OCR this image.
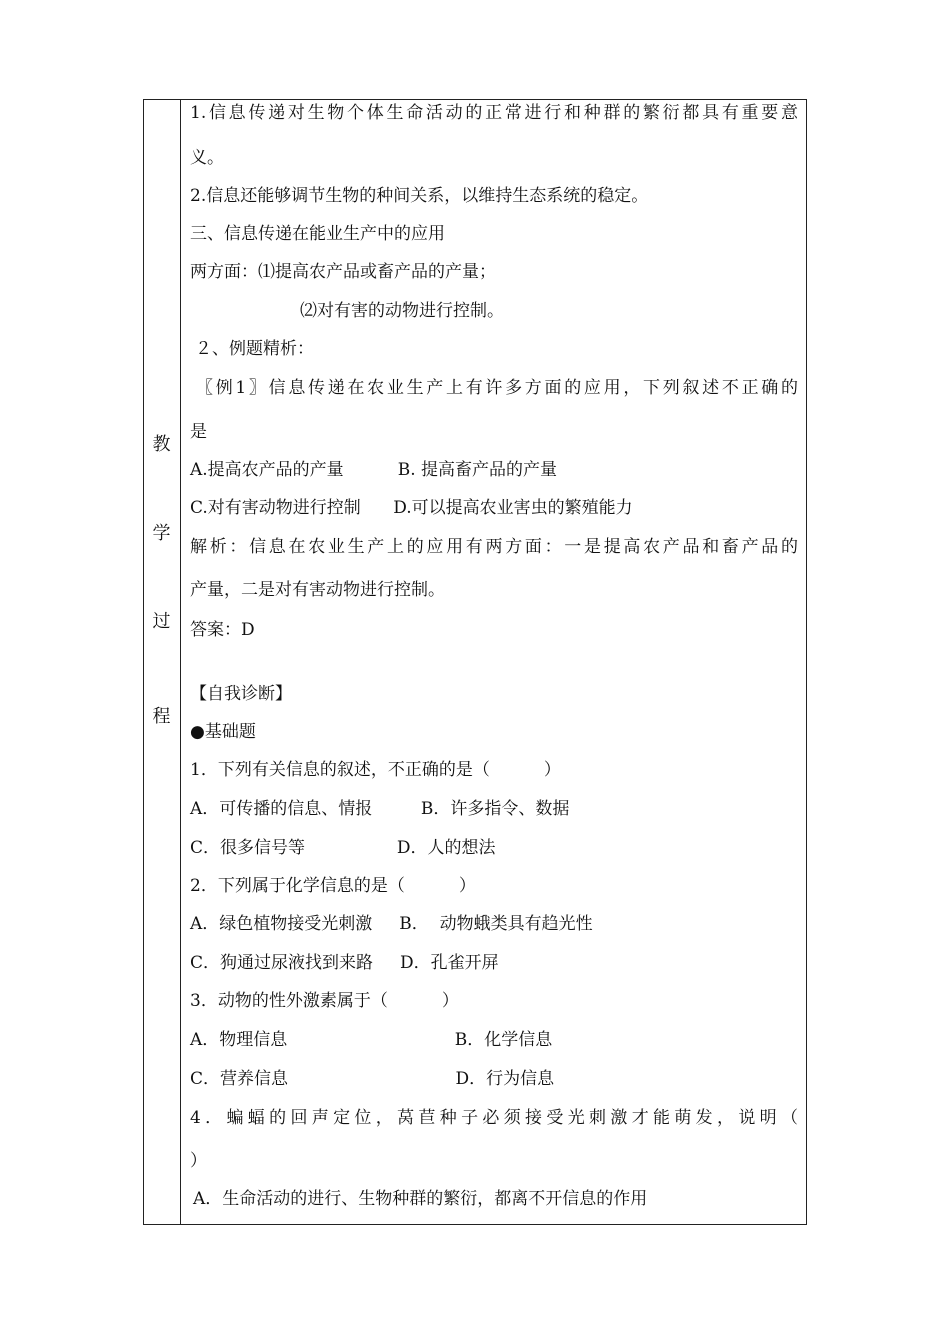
教
学
过
程
1.信息传递对生物个体生命活动的正常进行和种群的繁衍都具有重要意
义。
2.信息还能够调节生物的种间关系，以维持生态系统的稳定。
三、信息传递在能业生产中的应用
两方面：⑴提高农产品或畜产品的产量；
⑵对有害的动物进行控制。
２、例题精析：
〖例1〗信息传递在农业生产上有许多方面的应用，下列叙述不正确的
是
A.提高农产品的产量          B. 提高畜产品的产量
C.对有害动物进行控制      D.可以提高农业害虫的繁殖能力
解析：信息在农业生产上的应用有两方面：一是提高农产品和畜产品的
产量，二是对有害动物进行控制。
答案：D
【自我诊断】
●基础题
1．下列有关信息的叙述，不正确的是（          ）
A．可传播的信息、情报         B．许多指令、数据
C．很多信号等                 D．人的想法
2．下列属于化学信息的是（          ）
A．绿色植物接受光刺激     B．  动物蛾类具有趋光性
C．狗通过尿液找到来路     D．孔雀开屏
3．动物的性外激素属于（          ）
A．物理信息                               B．化学信息
C．营养信息                               D．行为信息
4．蝙蝠的回声定位，莴苣种子必须接受光刺激才能萌发，说明（
）
A．生命活动的进行、生物种群的繁衍，都离不开信息的作用
